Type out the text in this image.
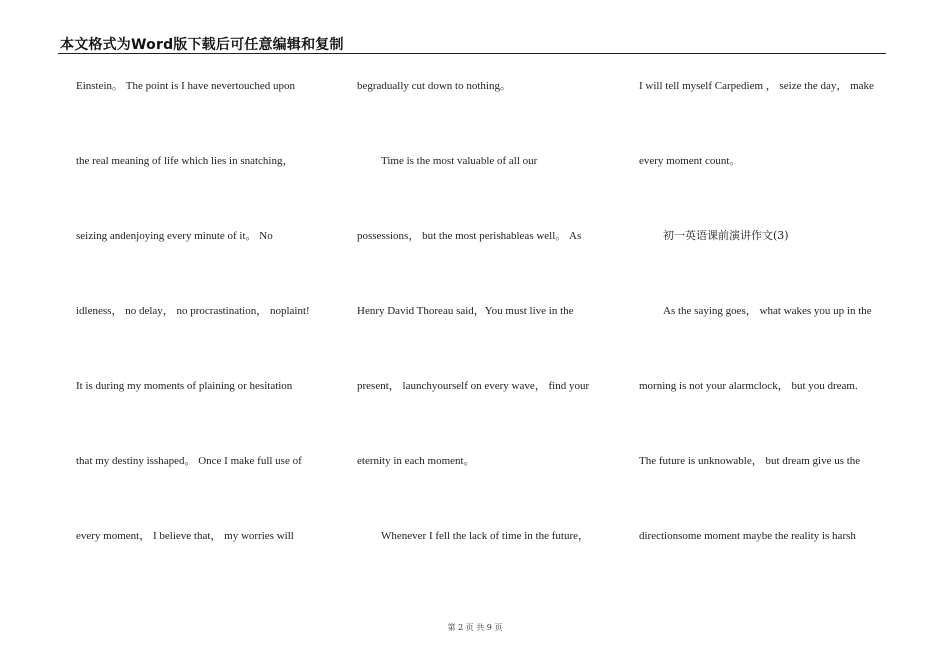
本文格式为Word版下载后可任意编辑和复制
Einstein。 The point is I have nevertouched upon
the real meaning of life which lies in snatching，
seizing andenjoying every minute of it。 No
idleness， no delay， no procrastination， noplaint!
It is during my moments of plaining or hesitation
that my destiny isshaped。 Once I make full use of
every moment， I believe that， my worries will
begradually cut down to nothing。
Time is the most valuable of all our
possessions， but the most perishableas well。 As
Henry David Thoreau said，You must live in the
present， launchyourself on every wave， find your
eternity in each moment。
Whenever I fell the lack of time in the future，
I will tell myself Carpediem ， seize the day， make
every moment count。
初一英语课前演讲作文(3)
As the saying goes， what wakes you up in the
morning is not your alarmclock， but you dream.
The future is unknowable， but dream give us the
directionsome moment maybe the reality is harsh
第 2 页 共 9 页
